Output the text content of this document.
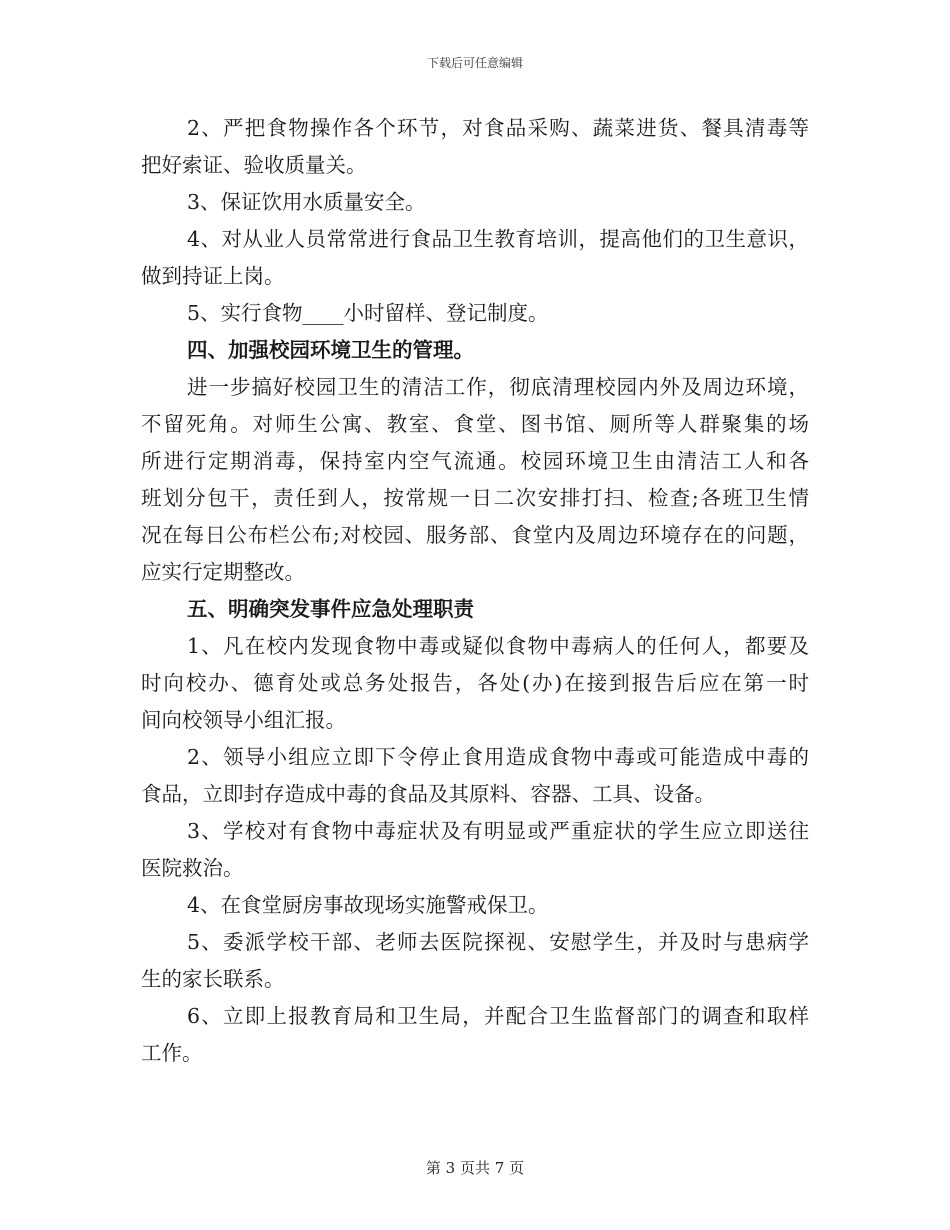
下载后可任意编辑
2、严把食物操作各个环节，对食品采购、蔬菜进货、餐具清毒等
把好索证、验收质量关。
3、保证饮用水质量安全。
4、对从业人员常常进行食品卫生教育培训，提高他们的卫生意识，
做到持证上岗。
5、实行食物____小时留样、登记制度。
四、加强校园环境卫生的管理。
进一步搞好校园卫生的清洁工作，彻底清理校园内外及周边环境，
不留死角。对师生公寓、教室、食堂、图书馆、厕所等人群聚集的场
所进行定期消毒，保持室内空气流通。校园环境卫生由清洁工人和各
班划分包干，责任到人，按常规一日二次安排打扫、检查;各班卫生情
况在每日公布栏公布;对校园、服务部、食堂内及周边环境存在的问题，
应实行定期整改。
五、明确突发事件应急处理职责
1、凡在校内发现食物中毒或疑似食物中毒病人的任何人，都要及
时向校办、德育处或总务处报告，各处(办)在接到报告后应在第一时
间向校领导小组汇报。
2、领导小组应立即下令停止食用造成食物中毒或可能造成中毒的
食品，立即封存造成中毒的食品及其原料、容器、工具、设备。
3、学校对有食物中毒症状及有明显或严重症状的学生应立即送往
医院救治。
4、在食堂厨房事故现场实施警戒保卫。
5、委派学校干部、老师去医院探视、安慰学生，并及时与患病学
生的家长联系。
6、立即上报教育局和卫生局，并配合卫生监督部门的调查和取样
工作。
第 3 页共 7 页
